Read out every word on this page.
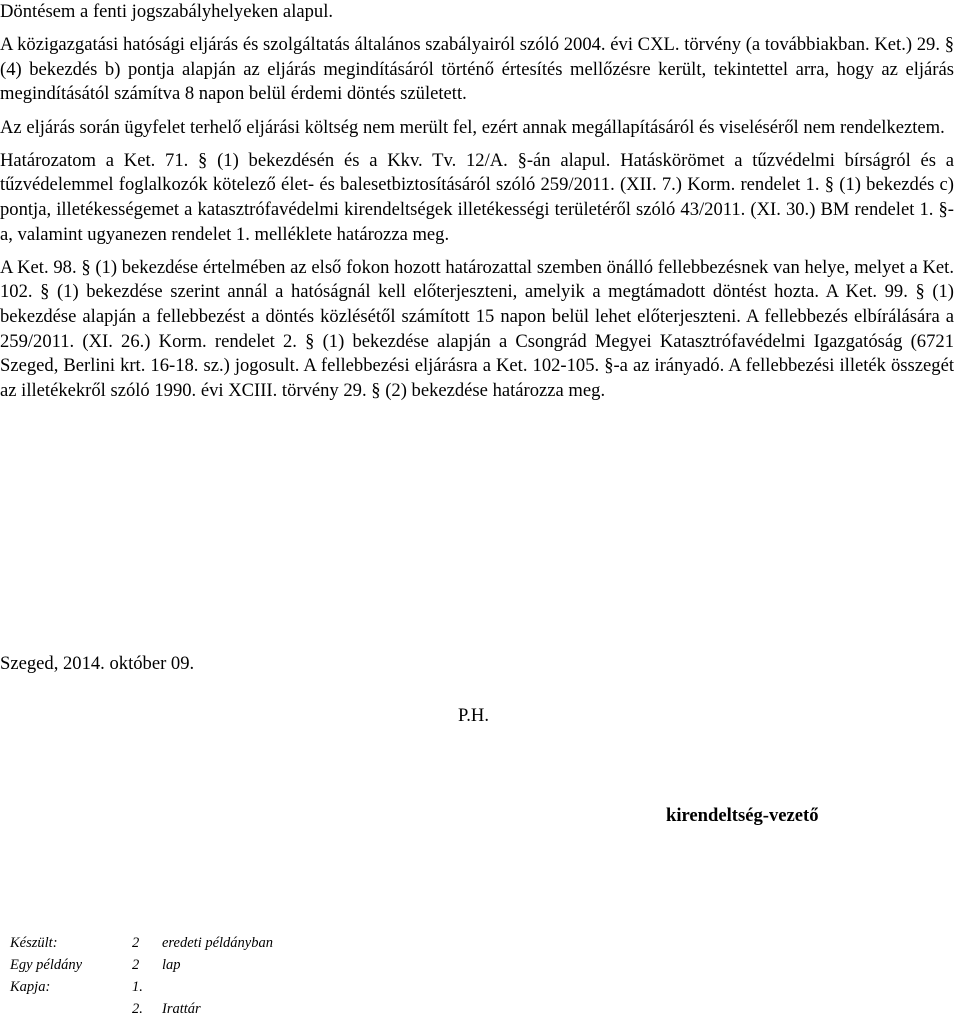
Döntésem a fenti jogszabályhelyeken alapul.

A közigazgatási hatósági eljárás és szolgáltatás általános szabályairól szóló 2004. évi CXL. törvény (a továbbiakban. Ket.) 29. § (4) bekezdés b) pontja alapján az eljárás megindításáról történő értesítés mellőzésre került, tekintettel arra, hogy az eljárás megindításától számítva 8 napon belül érdemi döntés született.

Az eljárás során ügyfelet terhelő eljárási költség nem merült fel, ezért annak megállapításáról és viseléséről nem rendelkeztem.

Határozatom a Ket. 71. § (1) bekezdésén és a Kkv. Tv. 12/A. §-án alapul. Hatáskörömet a tűzvédelmi bírságról és a tűzvédelemmel foglalkozók kötelező élet- és balesetbiztosításáról szóló 259/2011. (XII. 7.) Korm. rendelet 1. § (1) bekezdés c) pontja, illetékességemet a katasztrófavédelmi kirendeltségek illetékességi területéről szóló 43/2011. (XI. 30.) BM rendelet 1. §-a, valamint ugyanezen rendelet 1. melléklete határozza meg.

A Ket. 98. § (1) bekezdése értelmében az első fokon hozott határozattal szemben önálló fellebbezésnek van helye, melyet a Ket. 102. § (1) bekezdése szerint annál a hatóságnál kell előterjeszteni, amelyik a megtámadott döntést hozta. A Ket. 99. § (1) bekezdése alapján a fellebbezést a döntés közlésétől számított 15 napon belül lehet előterjeszteni. A fellebbezés elbírálására a 259/2011. (XI. 26.) Korm. rendelet 2. § (1) bekezdése alapján a Csongrád Megyei Katasztrófavédelmi Igazgatóság (6721 Szeged, Berlini krt. 16-18. sz.) jogosult. A fellebbezési eljárásra a Ket. 102-105. §-a az irányadó. A fellebbezési illeték összegét az illetékekről szóló 1990. évi XCIII. törvény 29. § (2) bekezdése határozza meg.

Szeged, 2014. október 09.
P.H.
kirendeltség-vezető
Készült:	2	eredeti példányban
Egy példány	2	lap
Kapja:	1.	
	2.	Irattár
